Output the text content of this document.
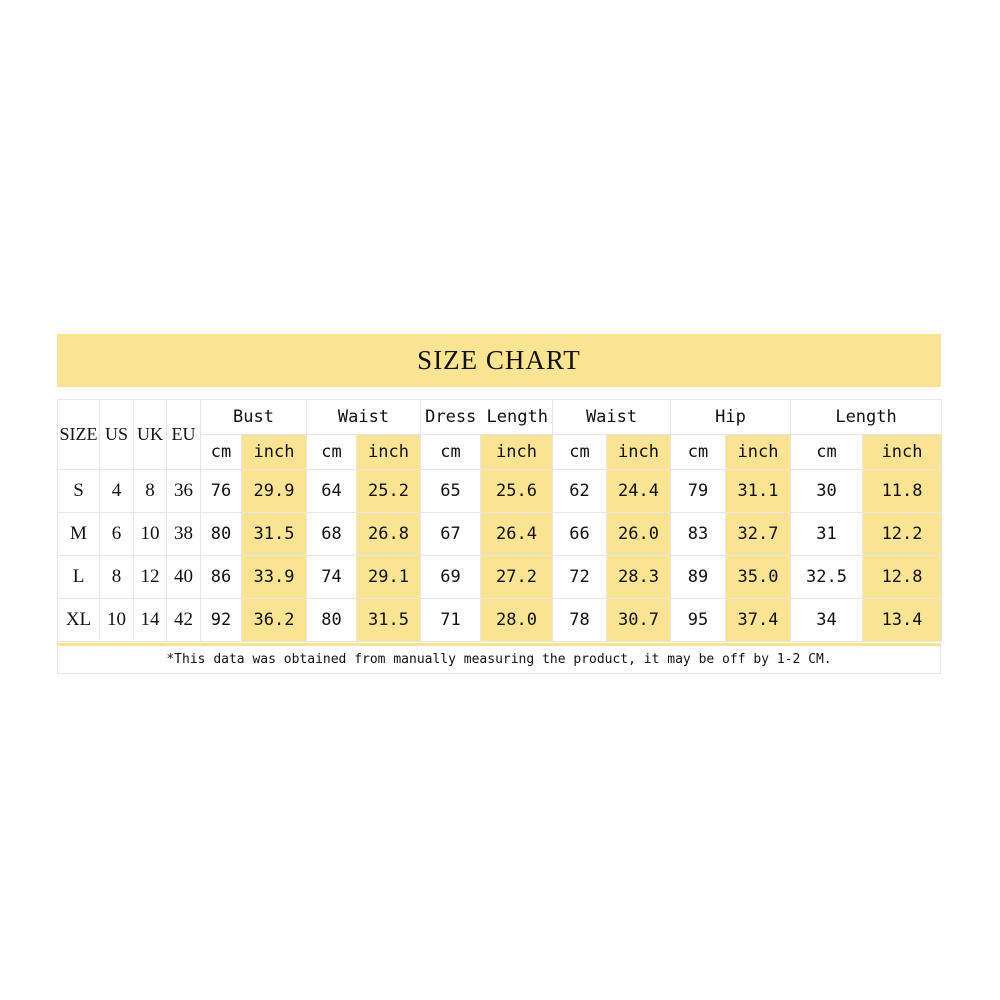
SIZE CHART
SIZE	US	UK	EU	Bust		Waist		Dress Length		Waist		Hip		Length	
				cm	inch	cm	inch	cm	inch	cm	inch	cm	inch	cm	inch
S	4	8	36	76	29.9	64	25.2	65	25.6	62	24.4	79	31.1	30	11.8
M	6	10	38	80	31.5	68	26.8	67	26.4	66	26.0	83	32.7	31	12.2
L	8	12	40	86	33.9	74	29.1	69	27.2	72	28.3	89	35.0	32.5	12.8
XL	10	14	42	92	36.2	80	31.5	71	28.0	78	30.7	95	37.4	34	13.4
*This data was obtained from manually measuring the product, it may be off by 1-2 CM.
